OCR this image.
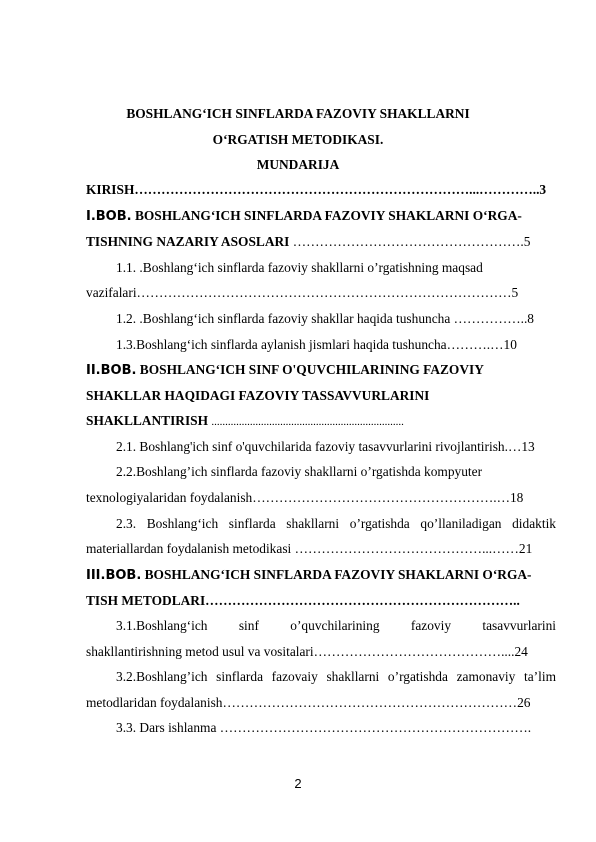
BOSHLANG‘ICH SINFLARDA FAZOVIY SHAKLLARNI
O‘RGATISH METODIKASI.
MUNDARIJA
KIRISH…………………………………………………………………...…………..3
I.BOB. BOSHLANG‘ICH SINFLARDA FAZOVIY SHAKLARNI O‘RGA-
TISHNING NAZARIY ASOSLARI …………………………………………….5
1.1. .Boshlang‘ich sinflarda fazoviy shakllarni o’rgatishning maqsad
vazifalari…………………………………………………………………………5
1.2. .Boshlang‘ich sinflarda fazoviy shakllar haqida tushuncha ……………..8
1.3.Boshlang‘ich sinflarda aylanish jismlari haqida tushuncha……….…10
II.BOB. BOSHLANG‘ICH SINF O'QUVCHILARINING FAZOVIY
SHAKLLAR HAQIDAGI FAZOVIY TASSAVVURLARINI
SHAKLLANTIRISH ......................................................................
2.1. Boshlang'ich sinf o'quvchilarida fazoviy tasavvurlarini rivojlantirish.…13
2.2.Boshlang’ich sinflarda fazoviy shakllarni o’rgatishda kompyuter
texnologiyalaridan foydalanish……………………………………………….…18
2.3. Boshlang‘ich sinflarda shakllarni o’rgatishda qo’llaniladigan didaktik
materiallardan foydalanish metodikasi ……………………………………...……21
III.BOB. BOSHLANG‘ICH SINFLARDA FAZOVIY SHAKLARNI O‘RGA-
TISH METODLARI……………………………………………………………..
3.1.Boshlang‘ich sinf o’quvchilarining fazoviy tasavvurlarini
shakllantirishning metod usul va vositalari……………………………………....24
3.2.Boshlang’ich sinflarda fazovaiy shakllarni o’rgatishda zamonaviy ta’lim
metodlaridan foydalanish…………………………………………………………26
3.3. Dars ishlanma …………………………………………………………….
2
